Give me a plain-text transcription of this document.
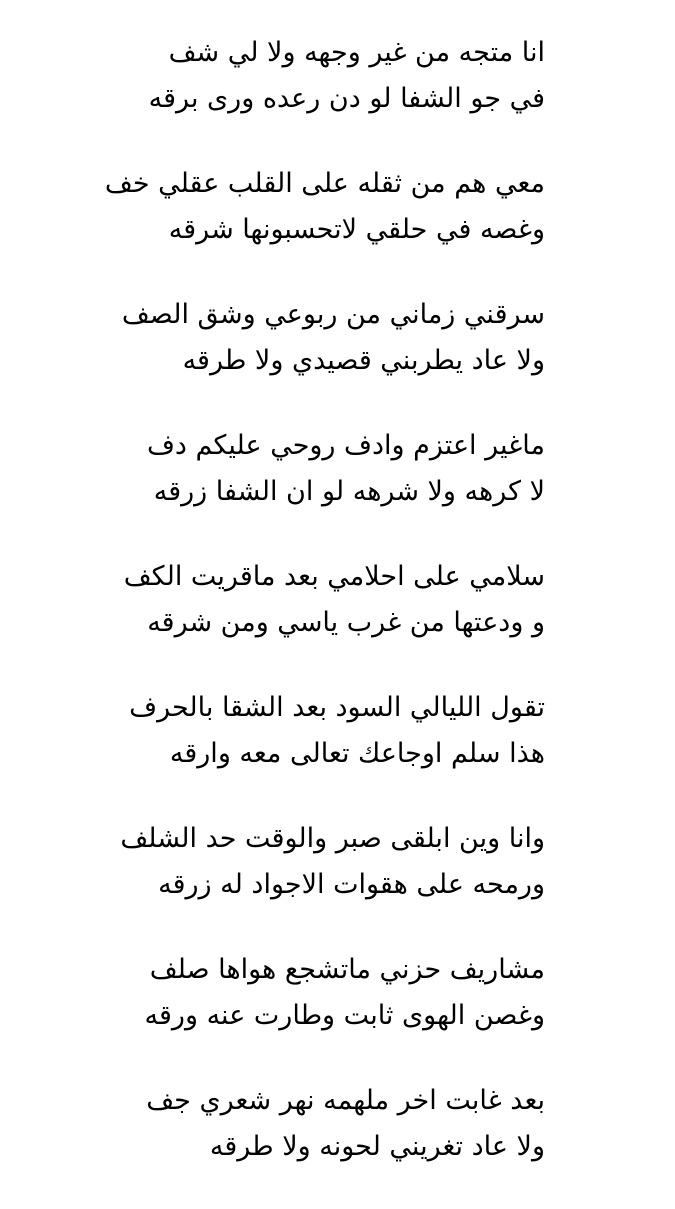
انا متجه من غير وجهه ولا لي شف
في جو الشفا لو دن رعده ورى برقه
معي هم من ثقله على القلب عقلي خف
وغصه في حلقي لاتحسبونها شرقه
سرقني زماني من ربوعي وشق الصف
ولا عاد يطربني قصيدي ولا طرقه
ماغير اعتزم وادف روحي عليكم دف
لا كرهه ولا شرهه لو ان الشفا زرقه
سلامي على احلامي بعد ماقريت الكف
و ودعتها من غرب ياسي ومن شرقه
تقول الليالي السود بعد الشقا بالحرف
هذا سلم اوجاعك تعالى معه وارقه
وانا وين ابلقى صبر والوقت حد الشلف
ورمحه على هقوات الاجواد له زرقه
مشاريف حزني ماتشجع هواها صلف
وغصن الهوى ثابت وطارت عنه ورقه
بعد غابت اخر ملهمه نهر شعري جف
ولا عاد تغريني لحونه ولا طرقه
